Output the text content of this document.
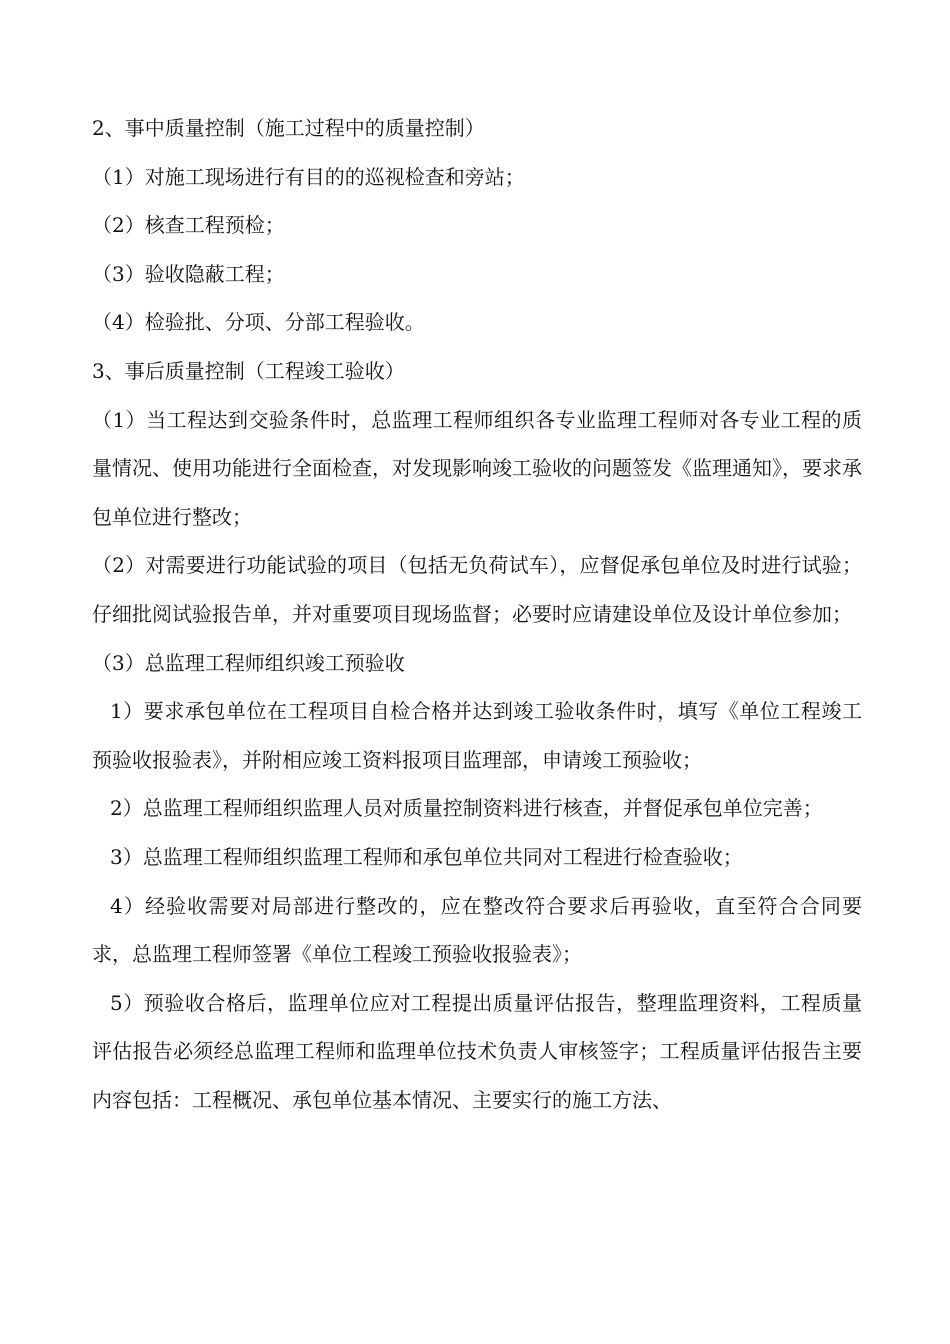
2、事中质量控制（施工过程中的质量控制）

（1）对施工现场进行有目的的巡视检查和旁站；

（2）核查工程预检；

（3）验收隐蔽工程；

（4）检验批、分项、分部工程验收。

3、事后质量控制（工程竣工验收）

（1）当工程达到交验条件时，总监理工程师组织各专业监理工程师对各专业工程的质量情况、使用功能进行全面检查，对发现影响竣工验收的问题签发《监理通知》，要求承包单位进行整改；

（2）对需要进行功能试验的项目（包括无负荷试车），应督促承包单位及时进行试验；仔细批阅试验报告单，并对重要项目现场监督；必要时应请建设单位及设计单位参加；

（3）总监理工程师组织竣工预验收

1）要求承包单位在工程项目自检合格并达到竣工验收条件时，填写《单位工程竣工预验收报验表》，并附相应竣工资料报项目监理部，申请竣工预验收；

2）总监理工程师组织监理人员对质量控制资料进行核查，并督促承包单位完善；

3）总监理工程师组织监理工程师和承包单位共同对工程进行检查验收；

4）经验收需要对局部进行整改的，应在整改符合要求后再验收，直至符合合同要求，总监理工程师签署《单位工程竣工预验收报验表》；

5）预验收合格后，监理单位应对工程提出质量评估报告，整理监理资料，工程质量评估报告必须经总监理工程师和监理单位技术负责人审核签字；工程质量评估报告主要内容包括：工程概况、承包单位基本情况、主要实行的施工方法、
